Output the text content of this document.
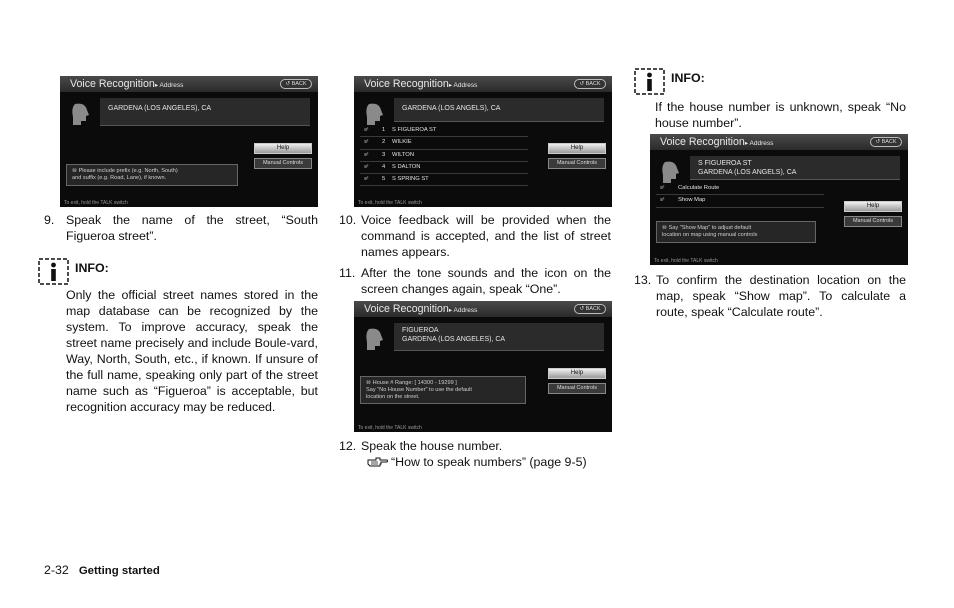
Voice Recognition▸ Address	↺ BACK
GARDENA (LOS ANGELES), CA
Help
Manual Controls
⑩ Please include prefix (e.g. North, South)
and suffix (e.g. Road, Lane), if known.
To exit, hold the TALK switch
9. Speak the name of the street, “South Figueroa street”.
INFO:
Only the official street names stored in the map database can be recognized by the system. To improve accuracy, speak the street name precisely and include Boule-vard, Way, North, South, etc., if known. If unsure of the full name, speaking only part of the street name such as “Figueroa” is acceptable, but recognition accuracy may be reduced.
Voice Recognition▸ Address	↺ BACK
GARDENA (LOS ANGELS), CA
≡ᴵ 1 S FIGUEROA ST
≡ᴵ 2 WILKIE
≡ᴵ 3 WILTON
≡ᴵ 4 S DALTON
≡ᴵ 5 S SPRING ST
Help
Manual Controls
To exit, hold the TALK switch
10. Voice feedback will be provided when the command is accepted, and the list of street names appears.
11. After the tone sounds and the icon on the screen changes again, speak “One”.
Voice Recognition▸ Address	↺ BACK
FIGUEROA
GARDENA (LOS ANGELES), CA
Help
Manual Controls
⑩ House # Range: [ 14300 - 19299 ]
Say "No House Number" to use the default
location on the street.
To exit, hold the TALK switch
12. Speak the house number.
“How to speak numbers” (page 9-5)
INFO:
If the house number is unknown, speak “No house number”.
Voice Recognition▸ Address	↺ BACK
S FIGUEROA ST
GARDENA (LOS ANGELS), CA
≡ᴵ Calculate Route
≡ᴵ Show Map
Help
Manual Controls
⑩ Say "Show Map" to adjust default
location on map using manual controls
To exit, hold the TALK switch
13. To confirm the destination location on the map, speak “Show map”. To calculate a route, speak “Calculate route”.
2-32 Getting started
